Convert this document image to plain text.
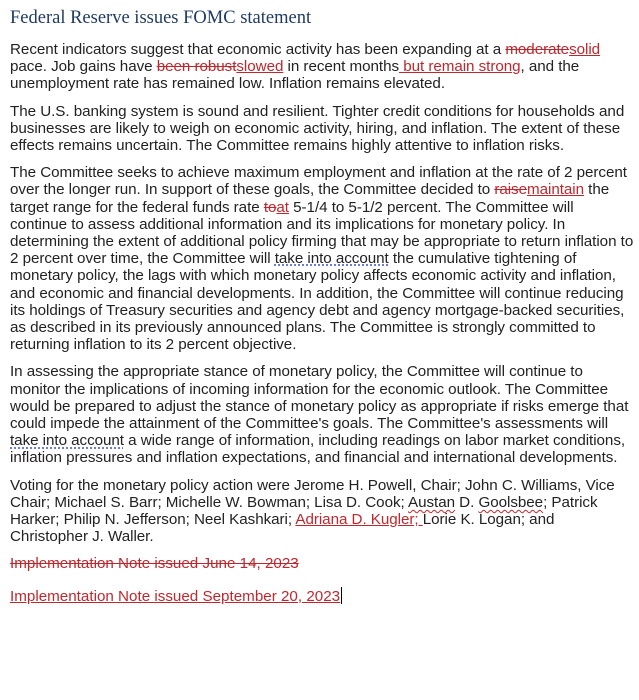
Federal Reserve issues FOMC statement

Recent indicators suggest that economic activity has been expanding at a moderatesolid pace. Job gains have been robustslowed in recent months but remain strong, and the unemployment rate has remained low. Inflation remains elevated.

The U.S. banking system is sound and resilient. Tighter credit conditions for households and businesses are likely to weigh on economic activity, hiring, and inflation. The extent of these effects remains uncertain. The Committee remains highly attentive to inflation risks.

The Committee seeks to achieve maximum employment and inflation at the rate of 2 percent over the longer run. In support of these goals, the Committee decided to raisemaintain the target range for the federal funds rate toat 5-1/4 to 5-1/2 percent. The Committee will continue to assess additional information and its implications for monetary policy. In determining the extent of additional policy firming that may be appropriate to return inflation to 2 percent over time, the Committee will take into account the cumulative tightening of monetary policy, the lags with which monetary policy affects economic activity and inflation, and economic and financial developments. In addition, the Committee will continue reducing its holdings of Treasury securities and agency debt and agency mortgage-backed securities, as described in its previously announced plans. The Committee is strongly committed to returning inflation to its 2 percent objective.

In assessing the appropriate stance of monetary policy, the Committee will continue to monitor the implications of incoming information for the economic outlook. The Committee would be prepared to adjust the stance of monetary policy as appropriate if risks emerge that could impede the attainment of the Committee's goals. The Committee's assessments will take into account a wide range of information, including readings on labor market conditions, inflation pressures and inflation expectations, and financial and international developments.

Voting for the monetary policy action were Jerome H. Powell, Chair; John C. Williams, Vice Chair; Michael S. Barr; Michelle W. Bowman; Lisa D. Cook; Austan D. Goolsbee; Patrick Harker; Philip N. Jefferson; Neel Kashkari; Adriana D. Kugler; Lorie K. Logan; and Christopher J. Waller.

Implementation Note issued June 14, 2023
Implementation Note issued September 20, 2023
